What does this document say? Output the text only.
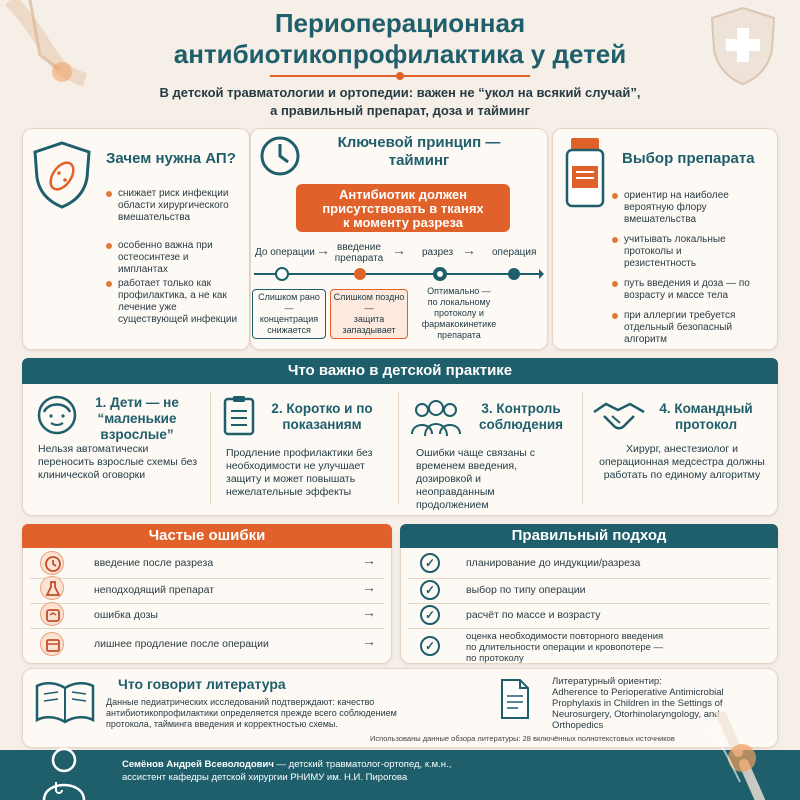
Периоперационная
антибиотикопрофилактика у детей
В детской травматологии и ортопедии: важен не “укол на всякий случай”,
а правильный препарат, доза и тайминг
Зачем нужна АП?
снижает риск инфекции области хирургического вмешательства
особенно важна при остеосинтезе и имплантах
работает только как профилактика, а не как лечение уже существующей инфекции
Ключевой принцип —
тайминг
Антибиотик должен
присутствовать в тканях
к моменту разреза
До операции → введение
препарата
→ разрез → операция
Слишком рано —
концентрация
снижается
Слишком поздно —
защита
запаздывает
Оптимально —
по локальному
протоколу и
фармакокинетике
препарата
Выбор препарата
ориентир на наиболее вероятную флору вмешательства
учитывать локальные протоколы и резистентность
путь введения и доза — по возрасту и массе тела
при аллергии требуется отдельный безопасный алгоритм
Что важно в детской практике
1. Дети — не
“маленькие
взрослые”
Нельзя автоматически переносить взрослые схемы без клинической оговорки
2. Коротко и по
показаниям
Продление профилактики без необходимости не улучшает защиту и может повышать нежелательные эффекты
3. Контроль
соблюдения
Ошибки чаще связаны с временем введения, дозировкой и неоправданным продолжением
4. Командный
протокол
Хирург, анестезиолог и операционная медсестра должны работать по единому алгоритму
Частые ошибки
введение после разреза	→
неподходящий препарат	→
ошибка дозы	→
лишнее продление после операции	→
Правильный подход
✓	планирование до индукции/разреза
✓	выбор по типу операции
✓	расчёт по массе и возрасту
✓
оценка необходимости повторного введения
по длительности операции и кровопотере —
по протоколу
Что говорит литература
Данные педиатрических исследований подтверждают: качество
антибиотикопрофилактики определяется прежде всего соблюдением
протокола, тайминга введения и корректностью схемы.
Использованы данные обзора литературы: 28 включённых полнотекстовых источников
Литературный ориентир:
Adherence to Perioperative Antimicrobial
Prophylaxis in Children in the Settings of
Neurosurgery, Otorhinolaryngology, and
Orthopedics
Семёнов Андрей Всеволодович — детский травматолог-ортопед, к.м.н.,
ассистент кафедры детской хирургии РНИМУ им. Н.И. Пирогова
